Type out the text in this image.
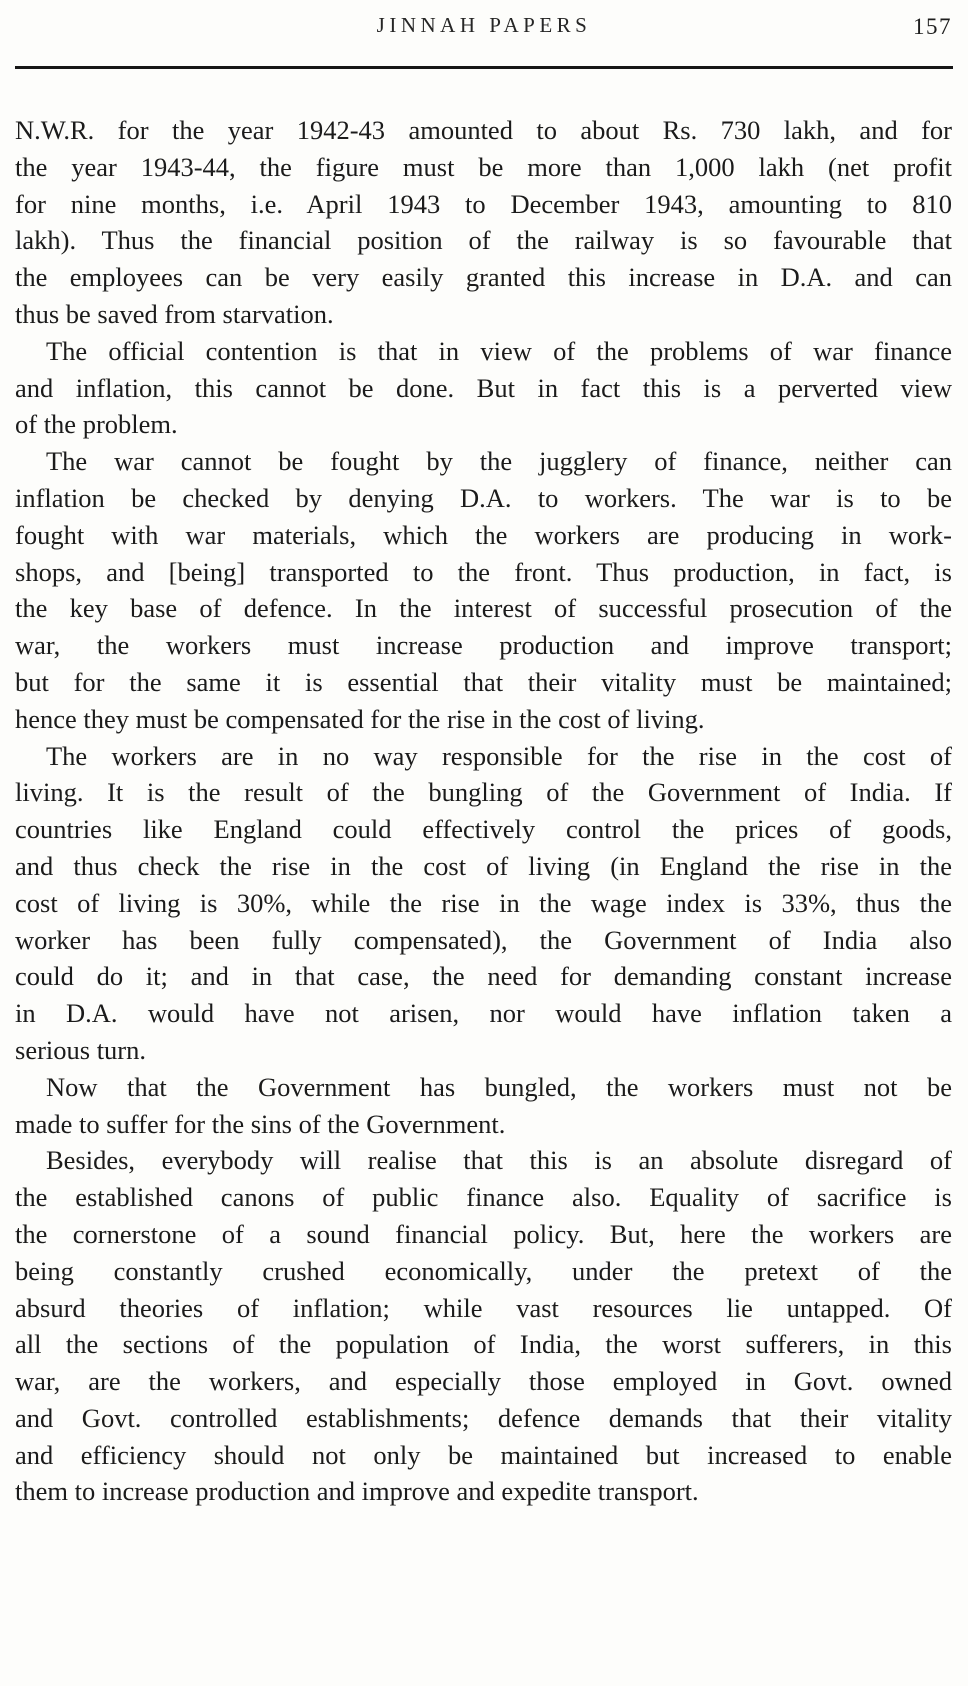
JINNAH PAPERS	157
N.W.R. for the year 1942-43 amounted to about Rs. 730 lakh, and for
the year 1943-44, the figure must be more than 1,000 lakh (net profit
for nine months, i.e. April 1943 to December 1943, amounting to 810
lakh). Thus the financial position of the railway is so favourable that
the employees can be very easily granted this increase in D.A. and can
thus be saved from starvation.
The official contention is that in view of the problems of war finance
and inflation, this cannot be done. But in fact this is a perverted view
of the problem.
The war cannot be fought by the jugglery of finance, neither can
inflation be checked by denying D.A. to workers. The war is to be
fought with war materials, which the workers are producing in work-
shops, and [being] transported to the front. Thus production, in fact, is
the key base of defence. In the interest of successful prosecution of the
war, the workers must increase production and improve transport;
but for the same it is essential that their vitality must be maintained;
hence they must be compensated for the rise in the cost of living.
The workers are in no way responsible for the rise in the cost of
living. It is the result of the bungling of the Government of India. If
countries like England could effectively control the prices of goods,
and thus check the rise in the cost of living (in England the rise in the
cost of living is 30%, while the rise in the wage index is 33%, thus the
worker has been fully compensated), the Government of India also
could do it; and in that case, the need for demanding constant increase
in D.A. would have not arisen, nor would have inflation taken a
serious turn.
Now that the Government has bungled, the workers must not be
made to suffer for the sins of the Government.
Besides, everybody will realise that this is an absolute disregard of
the established canons of public finance also. Equality of sacrifice is
the cornerstone of a sound financial policy. But, here the workers are
being constantly crushed economically, under the pretext of the
absurd theories of inflation; while vast resources lie untapped. Of
all the sections of the population of India, the worst sufferers, in this
war, are the workers, and especially those employed in Govt. owned
and Govt. controlled establishments; defence demands that their vitality
and efficiency should not only be maintained but increased to enable
them to increase production and improve and expedite transport.
